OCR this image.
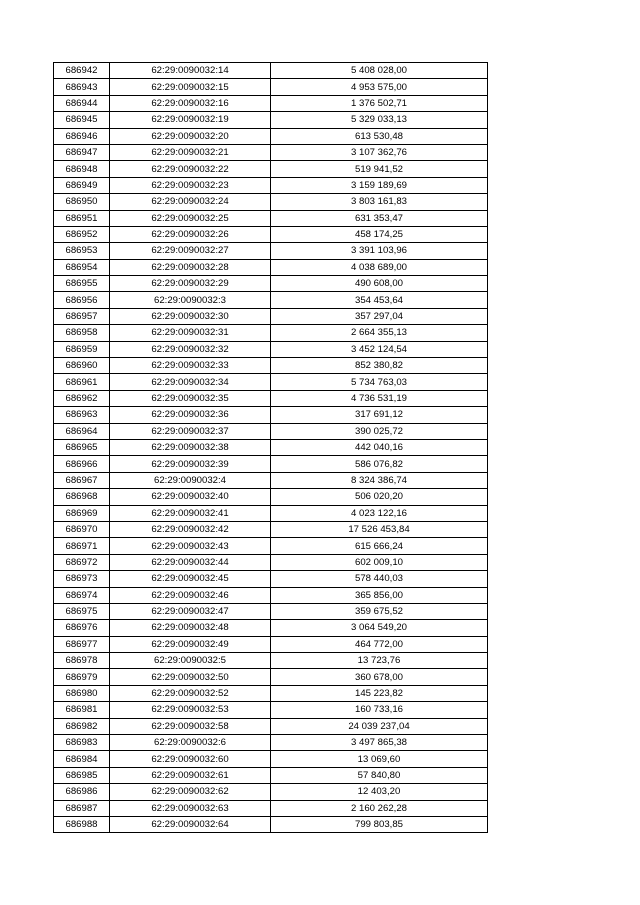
686942	62:29:0090032:14	5 408 028,00
686943	62:29:0090032:15	4 953 575,00
686944	62:29:0090032:16	1 376 502,71
686945	62:29:0090032:19	5 329 033,13
686946	62:29:0090032:20	613 530,48
686947	62:29:0090032:21	3 107 362,76
686948	62:29:0090032:22	519 941,52
686949	62:29:0090032:23	3 159 189,69
686950	62:29:0090032:24	3 803 161,83
686951	62:29:0090032:25	631 353,47
686952	62:29:0090032:26	458 174,25
686953	62:29:0090032:27	3 391 103,96
686954	62:29:0090032:28	4 038 689,00
686955	62:29:0090032:29	490 608,00
686956	62:29:0090032:3	354 453,64
686957	62:29:0090032:30	357 297,04
686958	62:29:0090032:31	2 664 355,13
686959	62:29:0090032:32	3 452 124,54
686960	62:29:0090032:33	852 380,82
686961	62:29:0090032:34	5 734 763,03
686962	62:29:0090032:35	4 736 531,19
686963	62:29:0090032:36	317 691,12
686964	62:29:0090032:37	390 025,72
686965	62:29:0090032:38	442 040,16
686966	62:29:0090032:39	586 076,82
686967	62:29:0090032:4	8 324 386,74
686968	62:29:0090032:40	506 020,20
686969	62:29:0090032:41	4 023 122,16
686970	62:29:0090032:42	17 526 453,84
686971	62:29:0090032:43	615 666,24
686972	62:29:0090032:44	602 009,10
686973	62:29:0090032:45	578 440,03
686974	62:29:0090032:46	365 856,00
686975	62:29:0090032:47	359 675,52
686976	62:29:0090032:48	3 064 549,20
686977	62:29:0090032:49	464 772,00
686978	62:29:0090032:5	13 723,76
686979	62:29:0090032:50	360 678,00
686980	62:29:0090032:52	145 223,82
686981	62:29:0090032:53	160 733,16
686982	62:29:0090032:58	24 039 237,04
686983	62:29:0090032:6	3 497 865,38
686984	62:29:0090032:60	13 069,60
686985	62:29:0090032:61	57 840,80
686986	62:29:0090032:62	12 403,20
686987	62:29:0090032:63	2 160 262,28
686988	62:29:0090032:64	799 803,85
